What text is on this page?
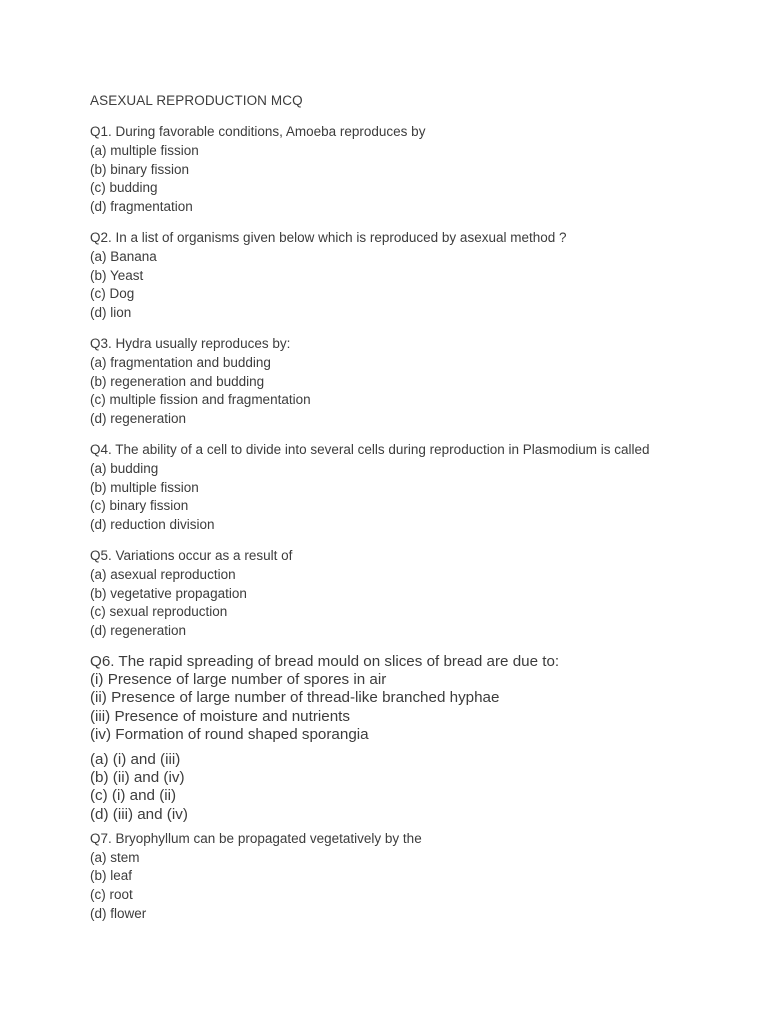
ASEXUAL REPRODUCTION MCQ
Q1. During favorable conditions, Amoeba reproduces by
(a) multiple fission
(b) binary fission
(c) budding
(d) fragmentation
Q2. In a list of organisms given below which is reproduced by asexual method ?
(a) Banana
(b) Yeast
(c) Dog
(d) lion
Q3. Hydra usually reproduces by:
(a) fragmentation and budding
(b) regeneration and budding
(c) multiple fission and fragmentation
(d) regeneration
Q4. The ability of a cell to divide into several cells during reproduction in Plasmodium is called
(a) budding
(b) multiple fission
(c) binary fission
(d) reduction division
Q5. Variations occur as a result of
(a) asexual reproduction
(b) vegetative propagation
(c) sexual reproduction
(d) regeneration
Q6. The rapid spreading of bread mould on slices of bread are due to:
(i) Presence of large number of spores in air
(ii) Presence of large number of thread-like branched hyphae
(iii) Presence of moisture and nutrients
(iv) Formation of round shaped sporangia
(a) (i) and (iii)
(b) (ii) and (iv)
(c) (i) and (ii)
(d) (iii) and (iv)
Q7. Bryophyllum can be propagated vegetatively by the
(a) stem
(b) leaf
(c) root
(d) flower
